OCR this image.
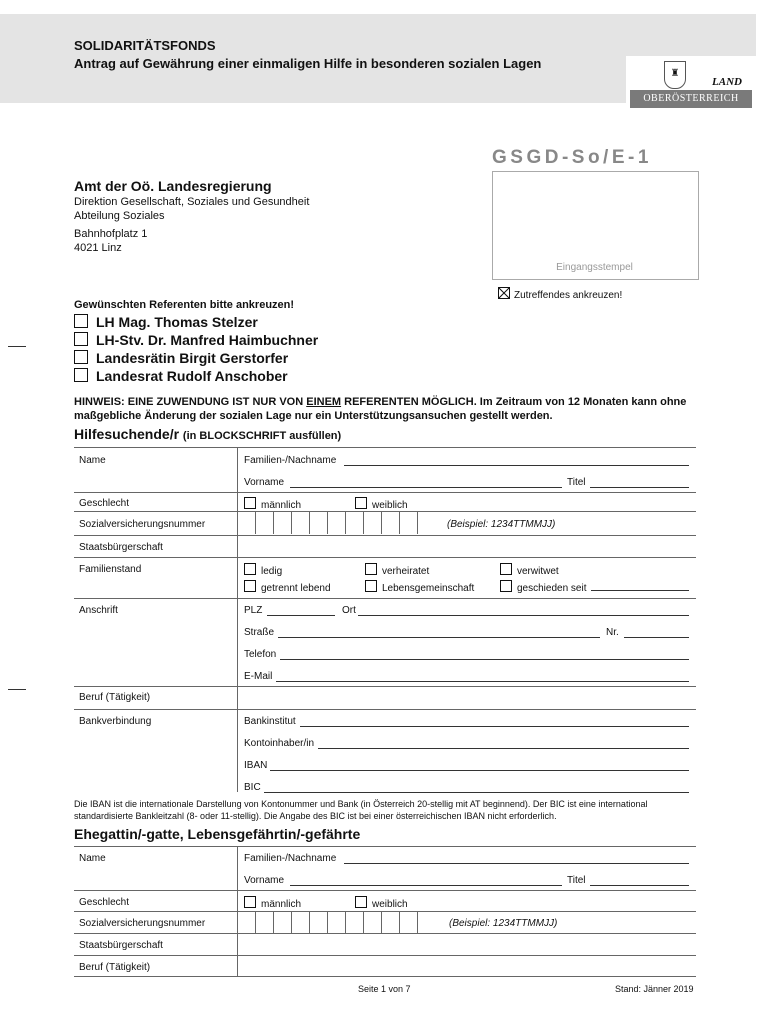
SOLIDARITÄTSFONDS
Antrag auf Gewährung einer einmaligen Hilfe in besonderen sozialen Lagen
♜
LAND
OBERÖSTERREICH
GSGD-So/E-1
Eingangsstempel
Zutreffendes ankreuzen!
Amt der Oö. Landesregierung
Direktion Gesellschaft, Soziales und Gesundheit
Abteilung Soziales
Bahnhofplatz 1
4021 Linz
Gewünschten Referenten bitte ankreuzen!
LH Mag. Thomas Stelzer
LH-Stv. Dr. Manfred Haimbuchner
Landesrätin Birgit Gerstorfer
Landesrat Rudolf Anschober
HINWEIS: EINE ZUWENDUNG IST NUR VON EINEM REFERENTEN MÖGLICH. Im Zeitraum von 12 Monaten kann ohne maßgebliche Änderung der sozialen Lage nur ein Unterstützungsansuchen gestellt werden.
Hilfesuchende/r (in BLOCKSCHRIFT ausfüllen)
Name	Familien-/Nachname
Vorname	Titel
Geschlecht	männlich	weiblich
Sozialversicherungsnummer	(Beispiel: 1234TTMMJJ)
Staatsbürgerschaft
Familienstand	ledig	verheiratet	verwitwet
getrennt lebend	Lebensgemeinschaft	geschieden seit
Anschrift	PLZ	Ort
Straße	Nr.
Telefon
E-Mail
Beruf (Tätigkeit)
Bankverbindung	Bankinstitut
Kontoinhaber/in
IBAN
BIC
Die IBAN ist die internationale Darstellung von Kontonummer und Bank (in Österreich 20-stellig mit AT beginnend). Der BIC ist eine international standardisierte Bankleitzahl (8- oder 11-stellig). Die Angabe des BIC ist bei einer österreichischen IBAN nicht erforderlich.
Ehegattin/-gatte, Lebensgefährtin/-gefährte
Name	Familien-/Nachname
Vorname	Titel
Geschlecht	männlich	weiblich
Sozialversicherungsnummer	(Beispiel: 1234TTMMJJ)
Staatsbürgerschaft
Beruf (Tätigkeit)
Seite 1 von 7	Stand: Jänner 2019
